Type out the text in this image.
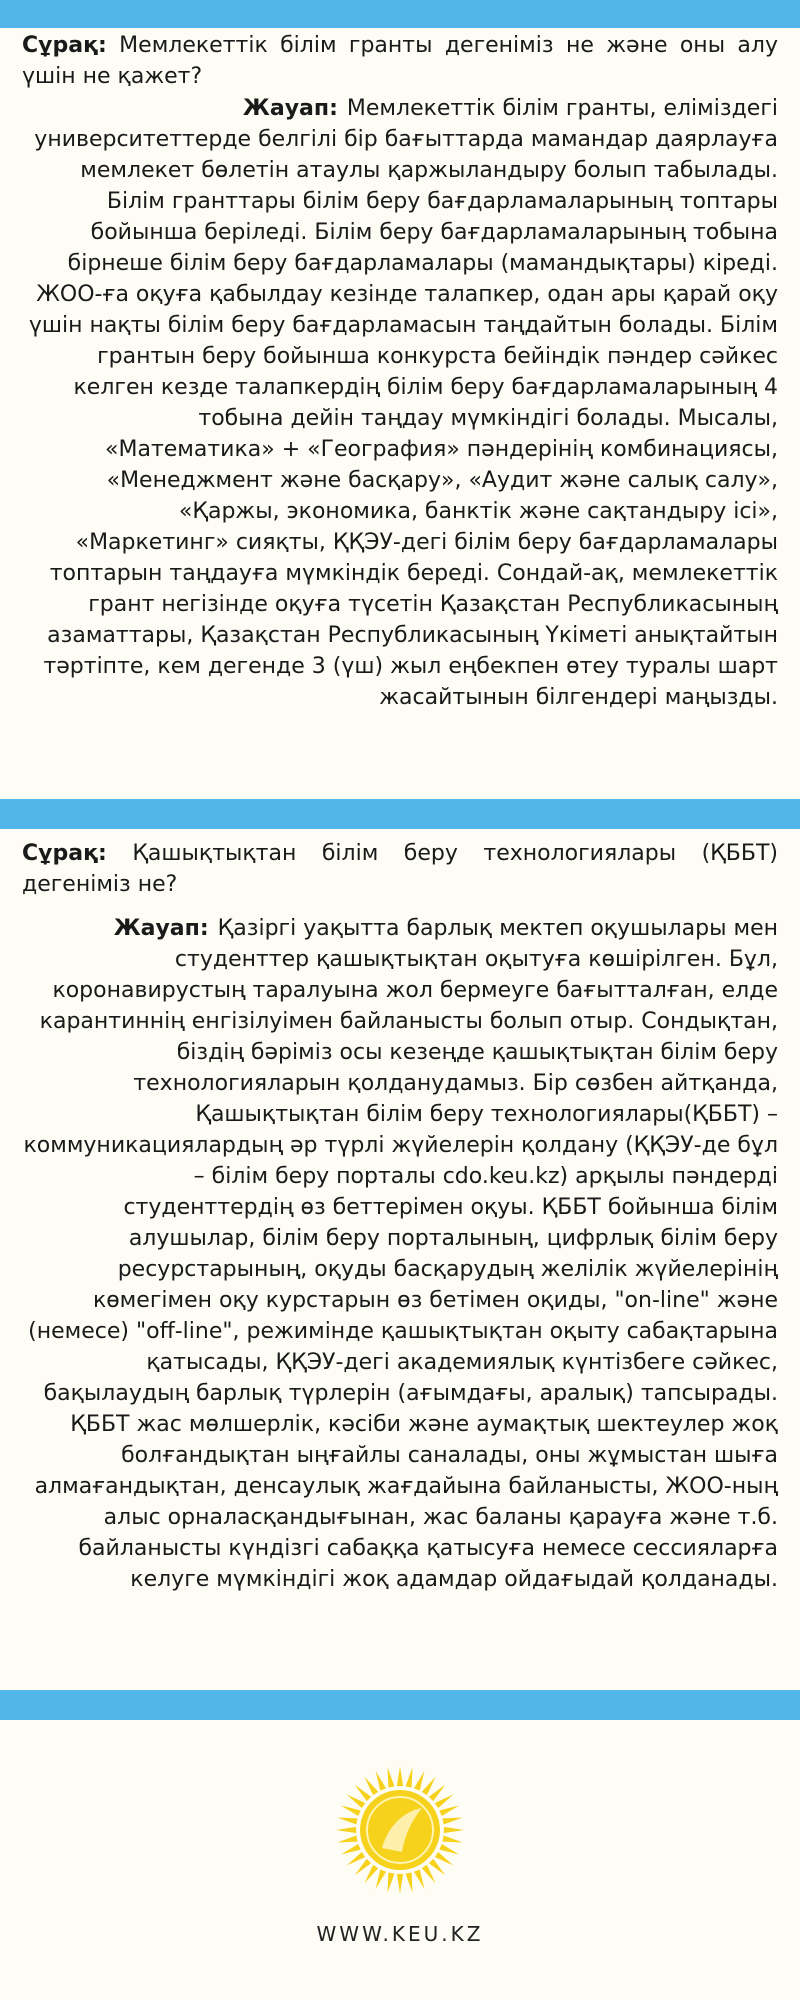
Сұрақ: Мемлекеттік білім гранты дегеніміз не және оны алу үшін не қажет?

Жауап: Мемлекеттік білім гранты, еліміздегі университеттерде белгілі бір бағыттарда мамандар даярлауға мемлекет бөлетін атаулы қаржыландыру болып табылады. Білім гранттары білім беру бағдарламаларының топтары бойынша беріледі. Білім беру бағдарламаларының тобына бірнеше білім беру бағдарламалары (мамандықтары) кіреді. ЖОО-ға оқуға қабылдау кезінде талапкер, одан ары қарай оқу үшін нақты білім беру бағдарламасын таңдайтын болады. Білім грантын беру бойынша конкурста бейіндік пәндер сәйкес келген кезде талапкердің білім беру бағдарламаларының 4 тобына дейін таңдау мүмкіндігі болады. Мысалы, «Математика» + «География» пәндерінің комбинациясы, «Менеджмент және басқару», «Аудит және салық салу», «Қаржы, экономика, банктік және сақтандыру ісі», «Маркетинг» сияқты, ҚҚЭУ-дегі білім беру бағдарламалары топтарын таңдауға мүмкіндік береді. Сондай-ақ, мемлекеттік грант негізінде оқуға түсетін Қазақстан Республикасының азаматтары, Қазақстан Республикасының Үкіметі анықтайтын тәртіпте, кем дегенде 3 (үш) жыл еңбекпен өтеу туралы шарт жасайтынын білгендері маңызды.

Сұрақ: Қашықтықтан білім беру технологиялары (ҚББТ) дегеніміз не?

Жауап: Қазіргі уақытта барлық мектеп оқушылары мен студенттер қашықтықтан оқытуға көшірілген. Бұл, коронавирустың таралуына жол бермеуге бағытталған, елде карантиннің енгізілуімен байланысты болып отыр. Сондықтан, біздің бәріміз осы кезеңде қашықтықтан білім беру технологияларын қолданудамыз. Бір сөзбен айтқанда, Қашықтықтан білім беру технологиялары(ҚББТ) – коммуникациялардың әр түрлі жүйелерін қолдану (ҚҚЭУ-де бұл – білім беру порталы cdo.keu.kz) арқылы пәндерді студенттердің өз беттерімен оқуы. ҚББТ бойынша білім алушылар, білім беру порталының, цифрлық білім беру ресурстарының, оқуды басқарудың желілік жүйелерінің көмегімен оқу курстарын өз бетімен оқиды, "on-line" және (немесе) "off-line", режимінде қашықтықтан оқыту сабақтарына қатысады, ҚҚЭУ-дегі академиялық күнтізбеге сәйкес, бақылаудың барлық түрлерін (ағымдағы, аралық) тапсырады. ҚББТ жас мөлшерлік, кәсіби және аумақтық шектеулер жоқ болғандықтан ыңғайлы саналады, оны жұмыстан шыға алмағандықтан, денсаулық жағдайына байланысты, ЖОО-ның алыс орналасқандығынан, жас баланы қарауға және т.б. байланысты күндізгі сабаққа қатысуға немесе сессияларға келуге мүмкіндігі жоқ адамдар ойдағыдай қолданады.

WWW.KEU.KZ
